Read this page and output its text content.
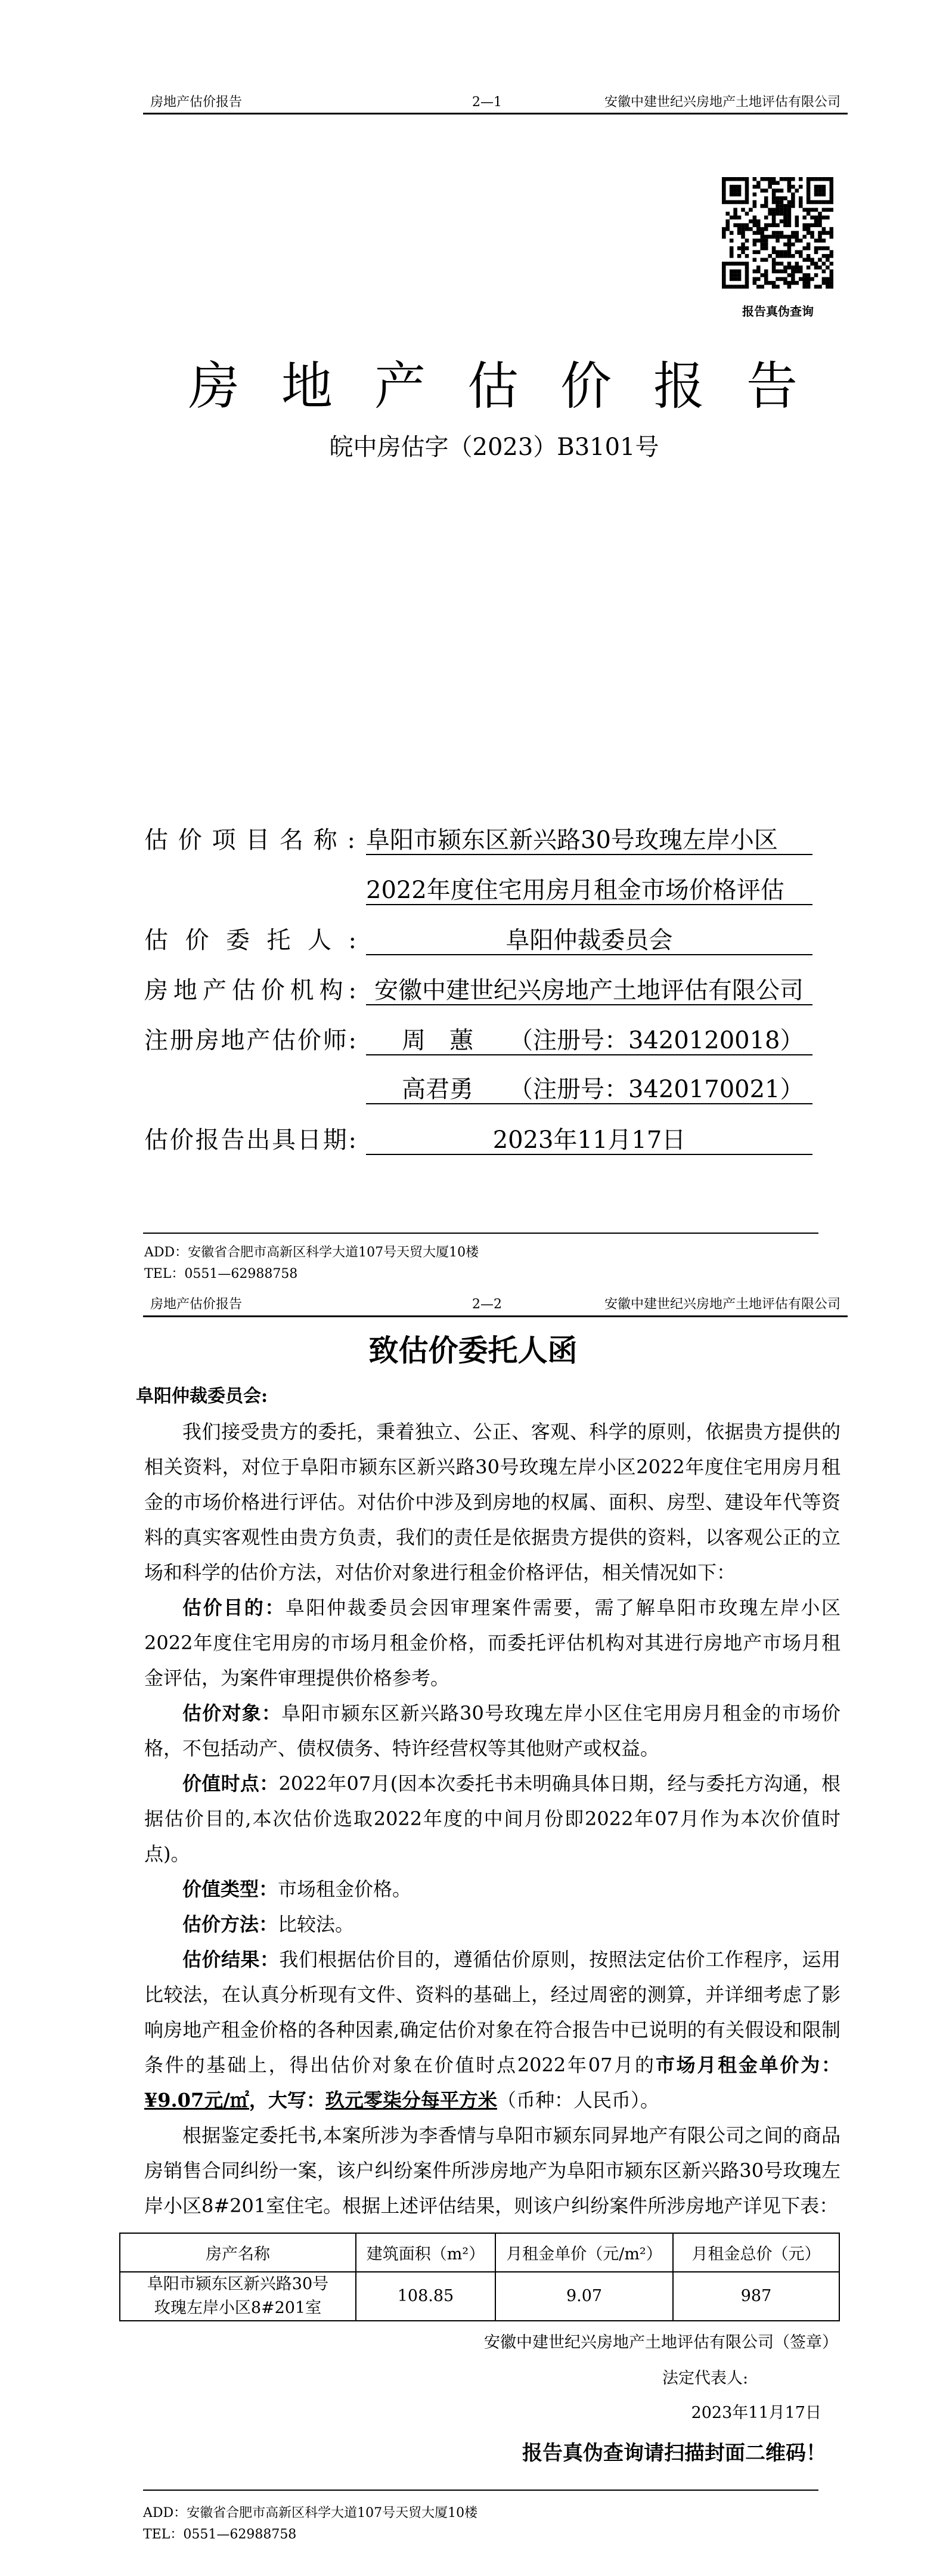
房地产估价报告	2—1	安徽中建世纪兴房地产土地评估有限公司
报告真伪查询
房地产估价报告
皖中房估字（2023）B3101号
估价项目名称: 阜阳市颍东区新兴路30号玫瑰左岸小区
2022年度住宅用房月租金市场价格评估
估价委托人:	阜阳仲裁委员会
房地产估价机构: 安徽中建世纪兴房地产土地评估有限公司
注册房地产估价师:	周　蕙　　（注册号：3420120018）
高君勇　　（注册号：3420170021）
估价报告出具日期:	2023年11月17日
ADD：安徽省合肥市高新区科学大道107号天贸大厦10楼
TEL：0551—62988758
房地产估价报告	2—2	安徽中建世纪兴房地产土地评估有限公司
致估价委托人函
阜阳仲裁委员会:

我们接受贵方的委托，秉着独立、公正、客观、科学的原则，依据贵方提供的相关资料，对位于阜阳市颍东区新兴路30号玫瑰左岸小区2022年度住宅用房月租金的市场价格进行评估。对估价中涉及到房地的权属、面积、房型、建设年代等资料的真实客观性由贵方负责，我们的责任是依据贵方提供的资料，以客观公正的立场和科学的估价方法，对估价对象进行租金价格评估，相关情况如下：

估价目的：阜阳仲裁委员会因审理案件需要，需了解阜阳市玫瑰左岸小区2022年度住宅用房的市场月租金价格，而委托评估机构对其进行房地产市场月租金评估，为案件审理提供价格参考。

估价对象：阜阳市颍东区新兴路30号玫瑰左岸小区住宅用房月租金的市场价格，不包括动产、债权债务、特许经营权等其他财产或权益。

价值时点：2022年07月(因本次委托书未明确具体日期，经与委托方沟通，根据估价目的,本次估价选取2022年度的中间月份即2022年07月作为本次价值时点)。

价值类型：市场租金价格。

估价方法：比较法。

估价结果：我们根据估价目的，遵循估价原则，按照法定估价工作程序，运用比较法，在认真分析现有文件、资料的基础上，经过周密的测算，并详细考虑了影响房地产租金价格的各种因素,确定估价对象在符合报告中已说明的有关假设和限制条件的基础上，得出估价对象在价值时点2022年07月的市场月租金单价为：¥9.07元/㎡，大写：玖元零柒分每平方米（币种：人民币）。

根据鉴定委托书,本案所涉为李香情与阜阳市颍东同昇地产有限公司之间的商品房销售合同纠纷一案，该户纠纷案件所涉房地产为阜阳市颍东区新兴路30号玫瑰左岸小区8#201室住宅。根据上述评估结果，则该户纠纷案件所涉房地产详见下表：

房产名称	建筑面积（m²）	月租金单价（元/m²）	月租金总价（元）

阜阳市颍东区新兴路30号
玫瑰左岸小区8#201室	108.85	9.07	987
安徽中建世纪兴房地产土地评估有限公司（签章）
法定代表人:
2023年11月17日
报告真伪查询请扫描封面二维码！
ADD：安徽省合肥市高新区科学大道107号天贸大厦10楼
TEL：0551—62988758
